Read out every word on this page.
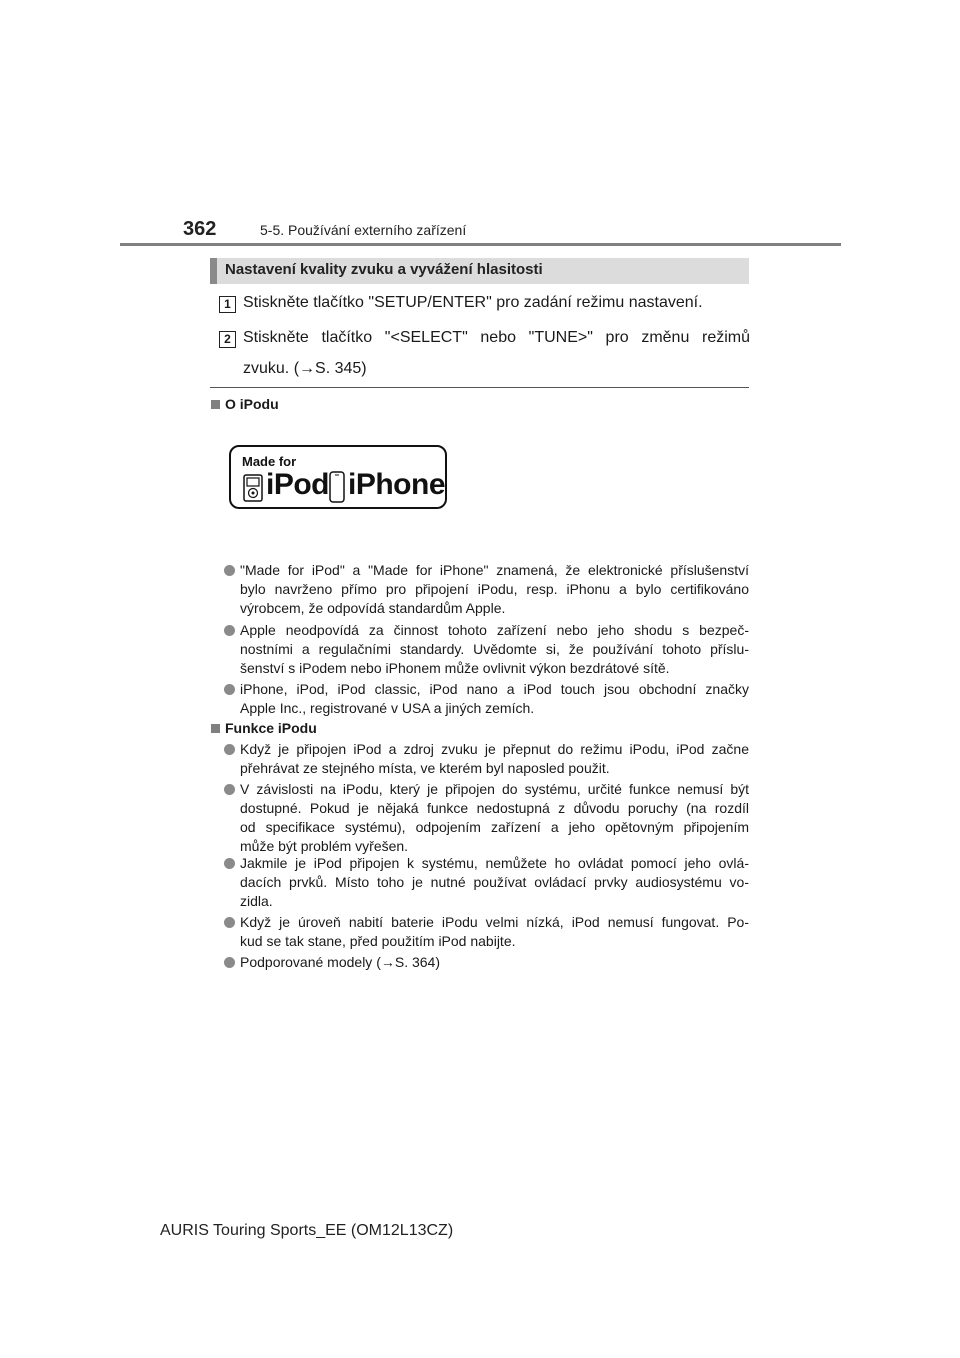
362	5-5. Používání externího zařízení
Nastavení kvality zvuku a vyvážení hlasitosti
1 Stiskněte tlačítko "SETUP/ENTER" pro zadání režimu nastavení.
2 Stiskněte tlačítko "<SELECT" nebo "TUNE>" pro změnu režimů
zvuku. (→S. 345)
O iPodu
Made for
iPod iPhone
"Made for iPod" a "Made for iPhone" znamená, že elektronické příslušenství
bylo navrženo přímo pro připojení iPodu, resp. iPhonu a bylo certifikováno
výrobcem, že odpovídá standardům Apple.
Apple neodpovídá za činnost tohoto zařízení nebo jeho shodu s bezpeč-
nostními a regulačními standardy. Uvědomte si, že používání tohoto příslu-
šenství s iPodem nebo iPhonem může ovlivnit výkon bezdrátové sítě.
iPhone, iPod, iPod classic, iPod nano a iPod touch jsou obchodní značky
Apple Inc., registrované v USA a jiných zemích.
Funkce iPodu
Když je připojen iPod a zdroj zvuku je přepnut do režimu iPodu, iPod začne
přehrávat ze stejného místa, ve kterém byl naposled použit.
V závislosti na iPodu, který je připojen do systému, určité funkce nemusí být
dostupné. Pokud je nějaká funkce nedostupná z důvodu poruchy (na rozdíl
od specifikace systému), odpojením zařízení a jeho opětovným připojením
může být problém vyřešen.
Jakmile je iPod připojen k systému, nemůžete ho ovládat pomocí jeho ovlá-
dacích prvků. Místo toho je nutné používat ovládací prvky audiosystému vo-
zidla.
Když je úroveň nabití baterie iPodu velmi nízká, iPod nemusí fungovat. Po-
kud se tak stane, před použitím iPod nabijte.
Podporované modely (→S. 364)
AURIS Touring Sports_EE (OM12L13CZ)
